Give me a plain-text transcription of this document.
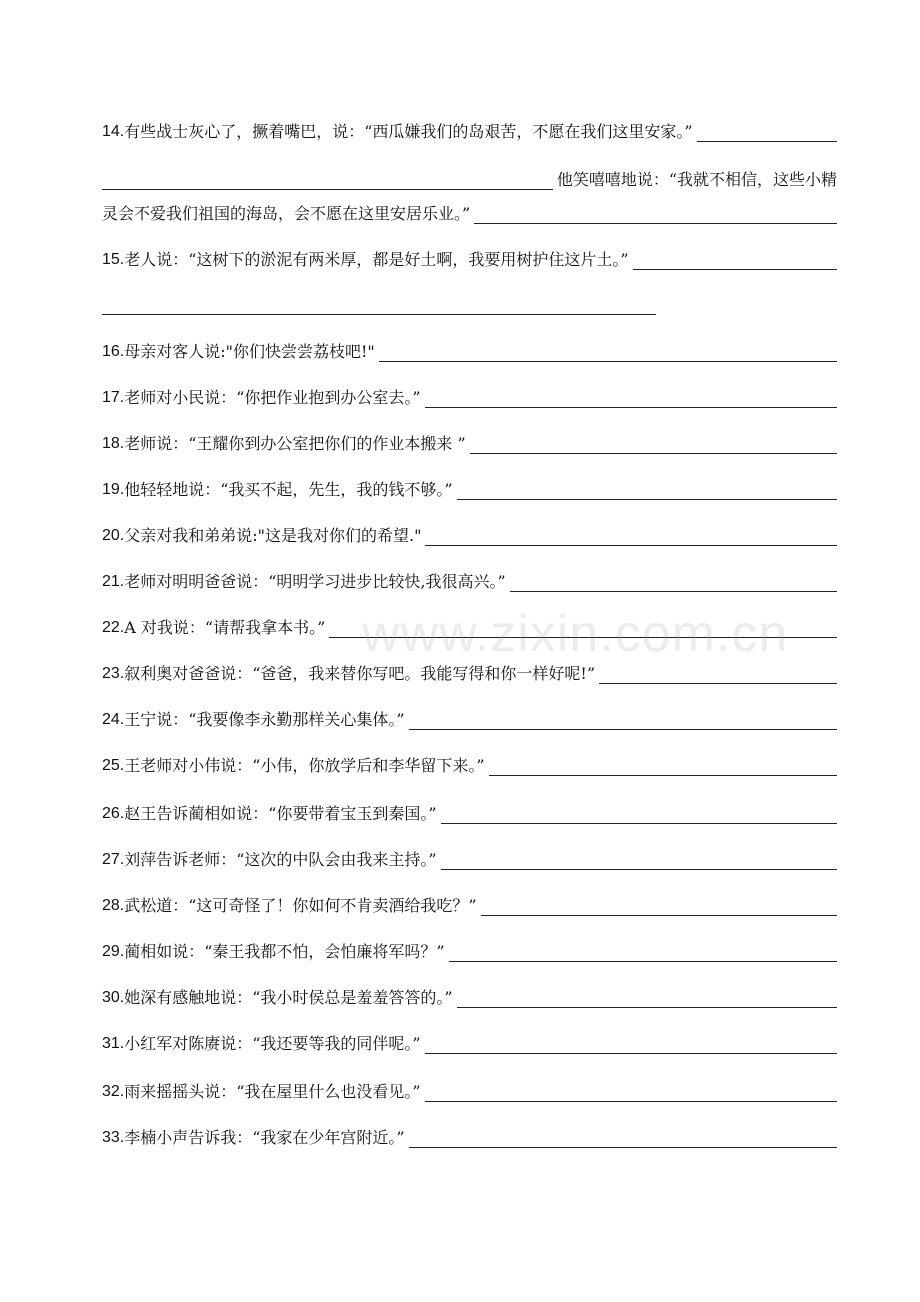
14. 有些战士灰心了，撅着嘴巴，说：“西瓜嫌我们的岛艰苦，不愿在我们这里安家。”
他笑嘻嘻地说：“我就不相信，这些小精
灵会不爱我们祖国的海岛，会不愿在这里安居乐业。”
15. 老人说：“这树下的淤泥有两米厚，都是好土啊，我要用树护住这片土。”
16. 母亲对客人说:"你们快尝尝荔枝吧!"
17. 老师对小民说：“你把作业抱到办公室去。”
18. 老师说：“王耀你到办公室把你们的作业本搬来 ”
19. 他轻轻地说：“我买不起，先生，我的钱不够。”
20. 父亲对我和弟弟说:"这是我对你们的希望."
21. 老师对明明爸爸说：“明明学习进步比较快,我很高兴。”
22. A 对我说：“请帮我拿本书。”
23. 叙利奥对爸爸说：“爸爸，我来替你写吧。我能写得和你一样好呢!”
24. 王宁说：“我要像李永勤那样关心集体。”
25. 王老师对小伟说：“小伟，你放学后和李华留下来。”
26. 赵王告诉蔺相如说：“你要带着宝玉到秦国。”
27. 刘萍告诉老师：“这次的中队会由我来主持。”
28. 武松道：“这可奇怪了！你如何不肯卖酒给我吃？”
29. 蔺相如说：“秦王我都不怕，会怕廉将军吗？”
30. 她深有感触地说：“我小时侯总是羞羞答答的。”
31. 小红军对陈赓说：“我还要等我的同伴呢。”
32. 雨来摇摇头说：“我在屋里什么也没看见。”
33. 李楠小声告诉我：“我家在少年宫附近。”
www.zixin.com.cn
